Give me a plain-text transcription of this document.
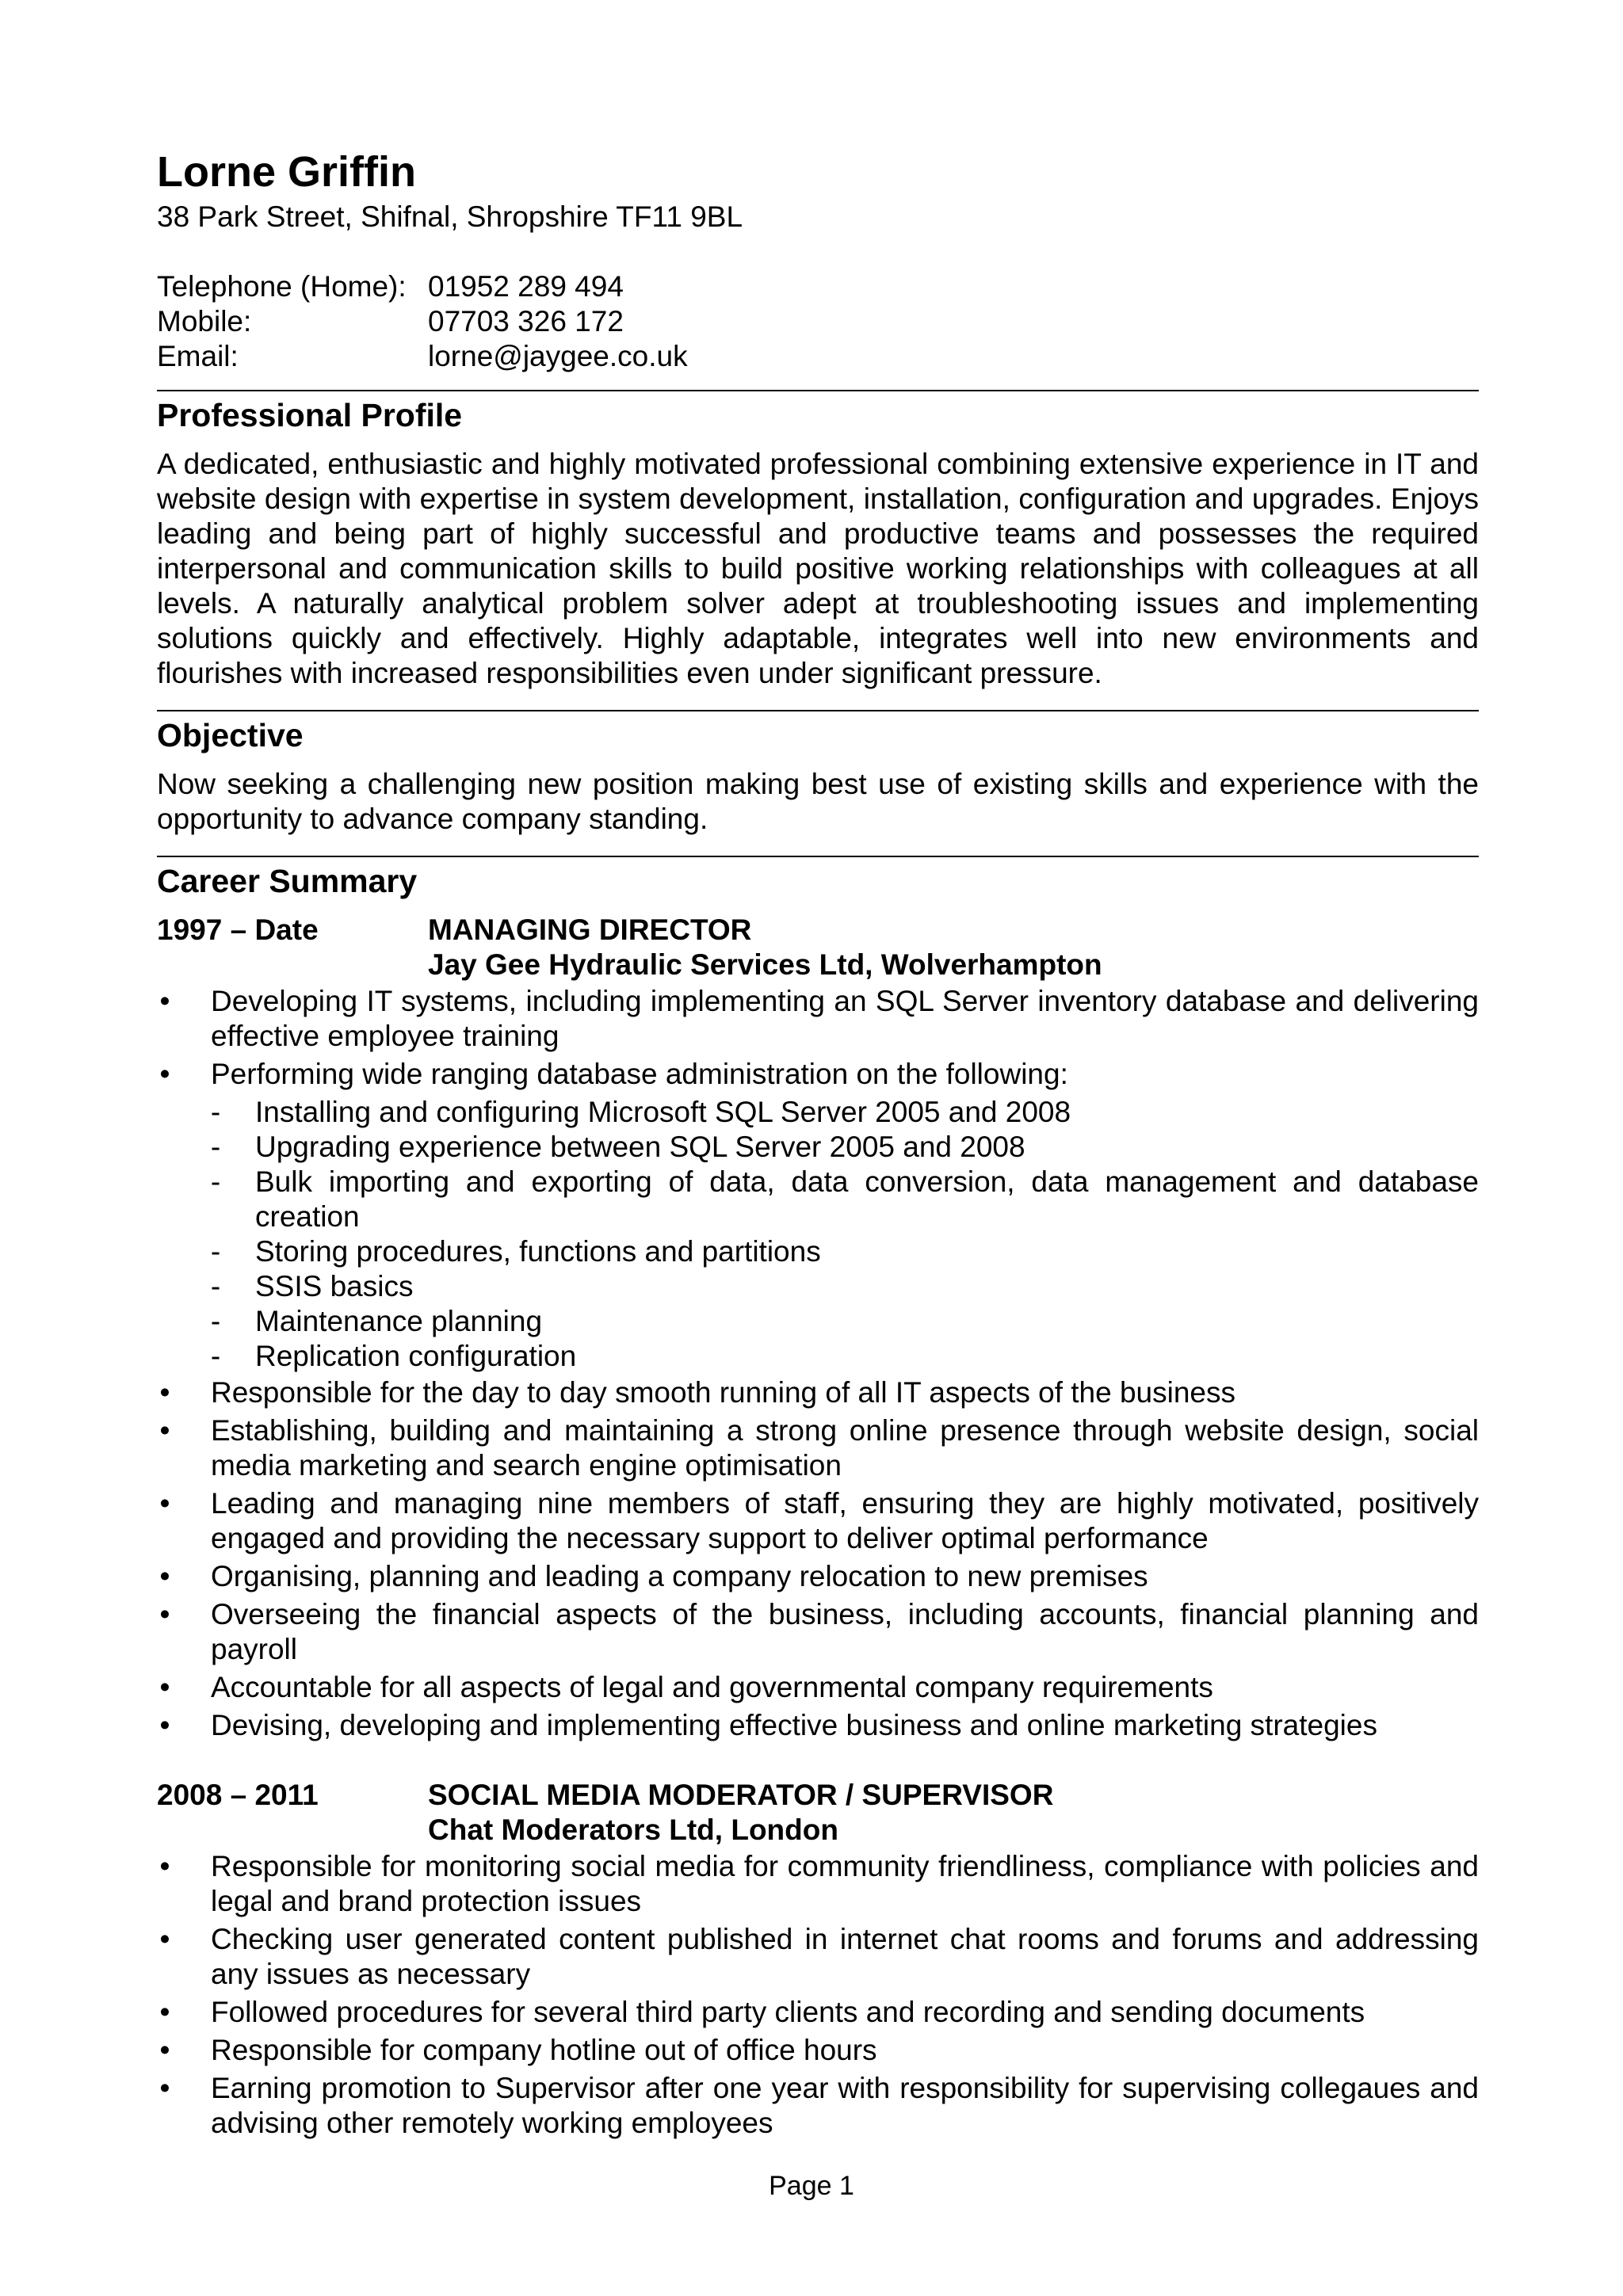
Lorne Griffin
38 Park Street, Shifnal, Shropshire TF11 9BL
Telephone (Home): 01952 289 494
Mobile:	07703 326 172
Email:	lorne@jaygee.co.uk
Professional Profile
A dedicated, enthusiastic and highly motivated professional combining extensive experience in IT and website design with expertise in system development, installation, configuration and upgrades. Enjoys leading and being part of highly successful and productive teams and possesses the required interpersonal and communication skills to build positive working relationships with colleagues at all levels. A naturally analytical problem solver adept at troubleshooting issues and implementing solutions quickly and effectively. Highly adaptable, integrates well into new environments and flourishes with increased responsibilities even under significant pressure.
Objective
Now seeking a challenging new position making best use of existing skills and experience with the opportunity to advance company standing.
Career Summary
1997 – Date	MANAGING DIRECTOR
Jay Gee Hydraulic Services Ltd, Wolverhampton
• Developing IT systems, including implementing an SQL Server inventory database and delivering effective employee training
• Performing wide ranging database administration on the following:
- Installing and configuring Microsoft SQL Server 2005 and 2008
- Upgrading experience between SQL Server 2005 and 2008
- Bulk importing and exporting of data, data conversion, data management and database creation
- Storing procedures, functions and partitions
- SSIS basics
- Maintenance planning
- Replication configuration
• Responsible for the day to day smooth running of all IT aspects of the business
• Establishing, building and maintaining a strong online presence through website design, social media marketing and search engine optimisation
• Leading and managing nine members of staff, ensuring they are highly motivated, positively engaged and providing the necessary support to deliver optimal performance
• Organising, planning and leading a company relocation to new premises
• Overseeing the financial aspects of the business, including accounts, financial planning and payroll
• Accountable for all aspects of legal and governmental company requirements
• Devising, developing and implementing effective business and online marketing strategies
2008 – 2011	SOCIAL MEDIA MODERATOR / SUPERVISOR
Chat Moderators Ltd, London
• Responsible for monitoring social media for community friendliness, compliance with policies and legal and brand protection issues
• Checking user generated content published in internet chat rooms and forums and addressing any issues as necessary
• Followed procedures for several third party clients and recording and sending documents
• Responsible for company hotline out of office hours
• Earning promotion to Supervisor after one year with responsibility for supervising collegaues and advising other remotely working employees
Page 1
